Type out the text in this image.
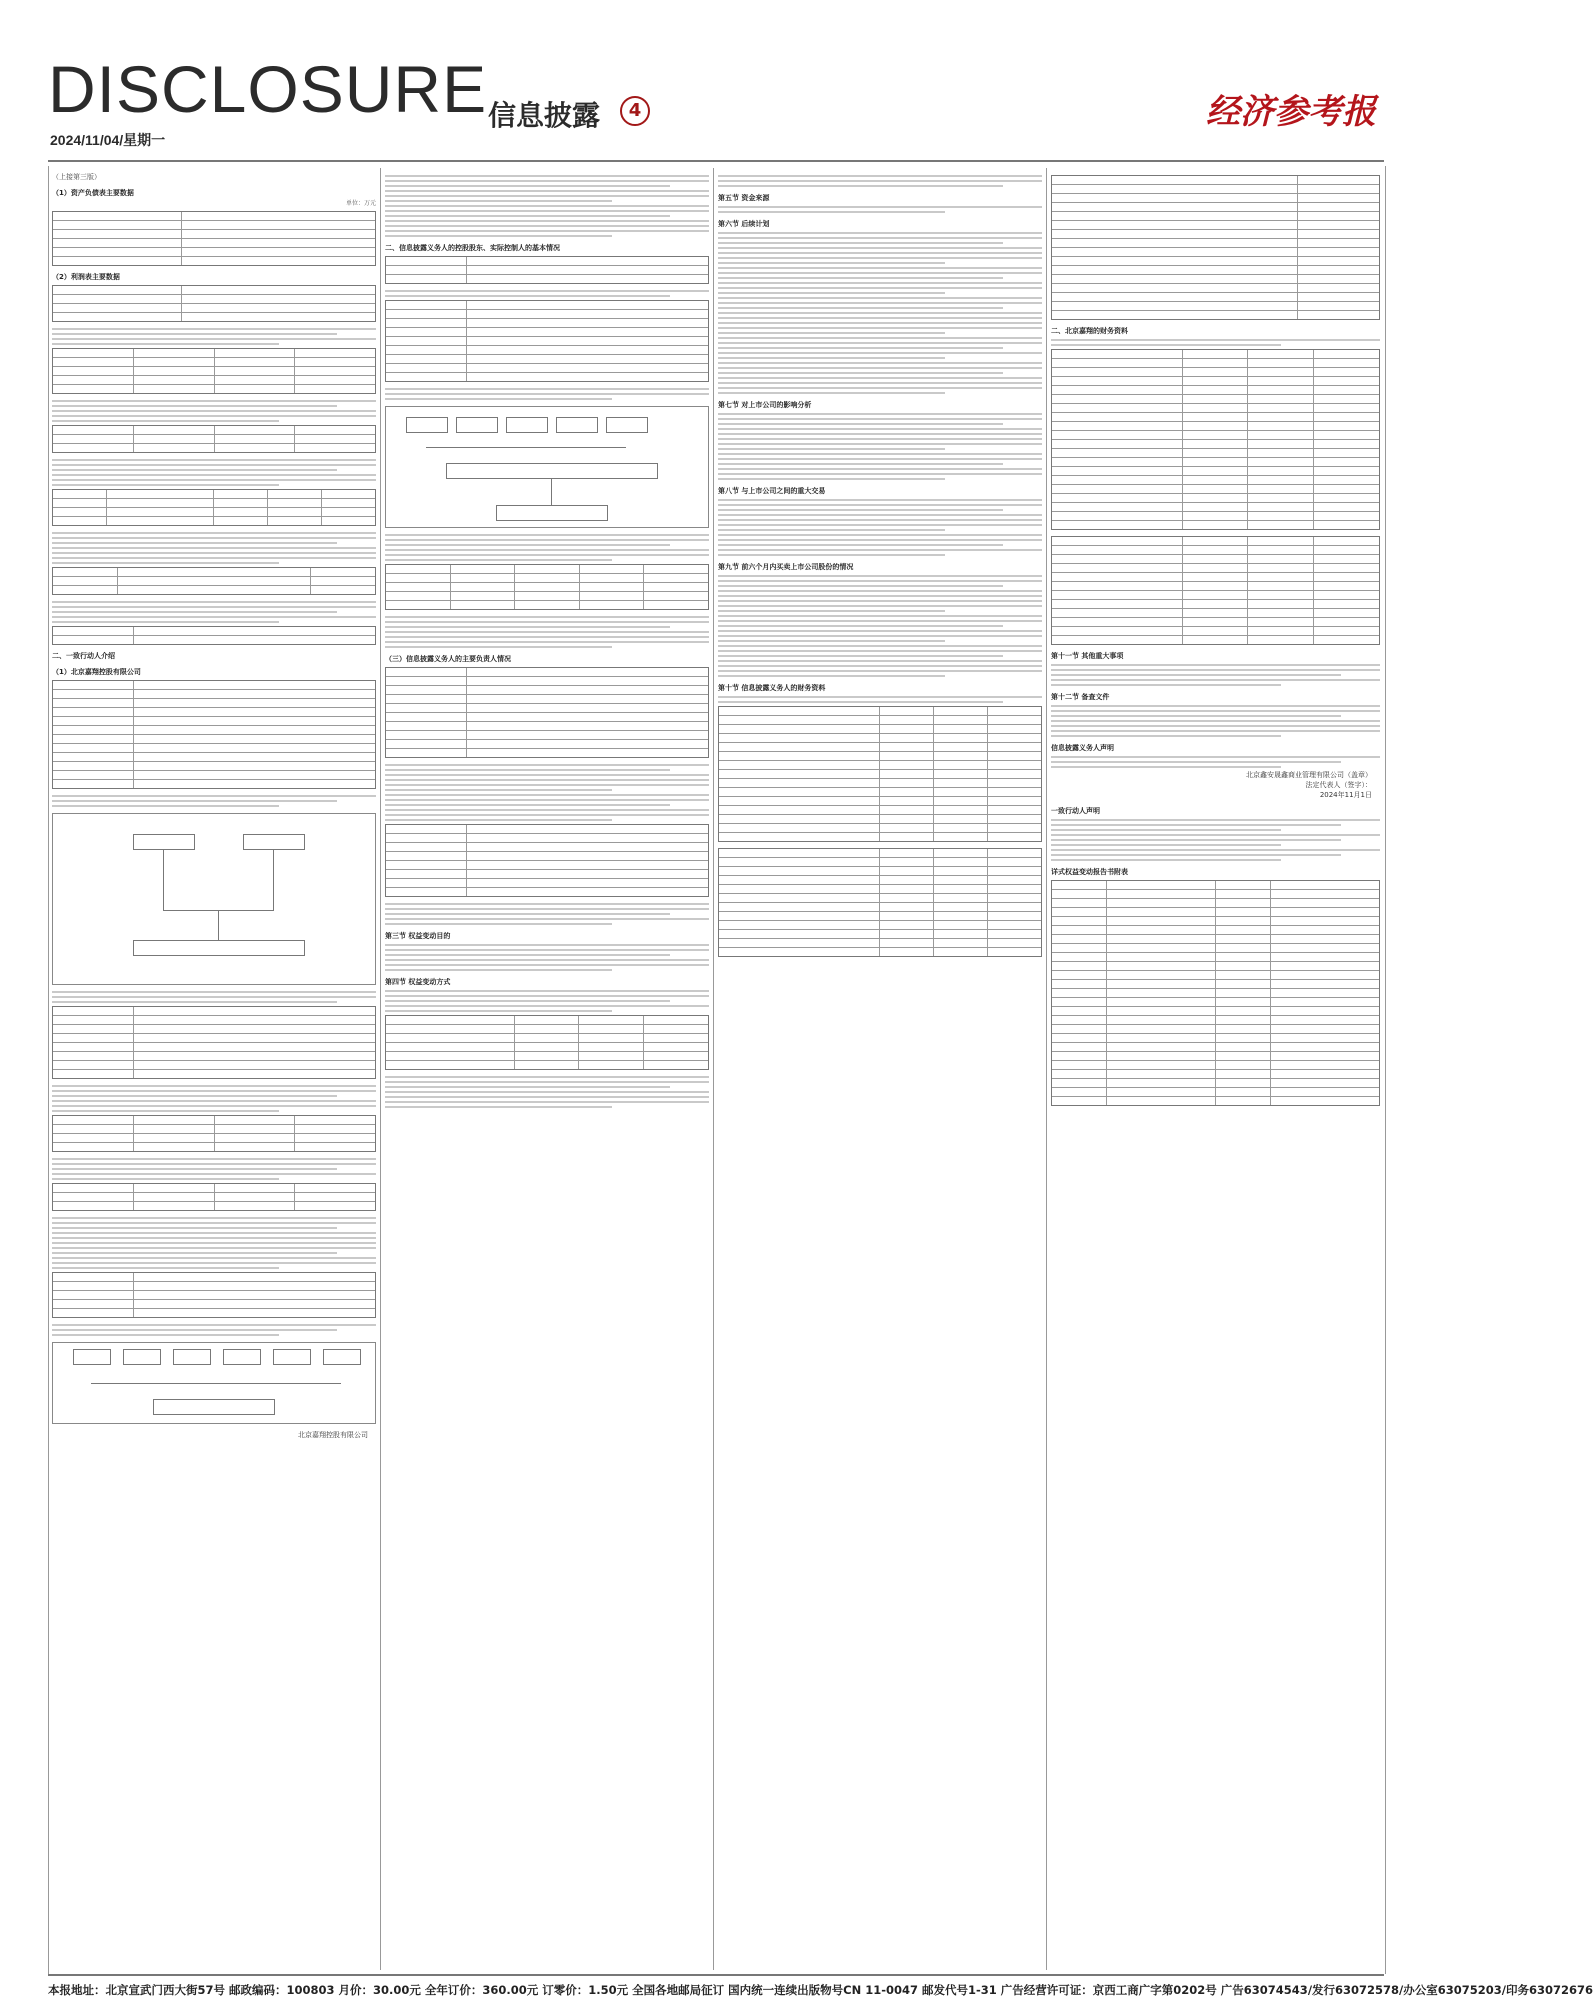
DISCLOSURE
2024/11/04/星期一
信息披露	4	经济参考报
（上接第三版）
（1）资产负债表主要数据
单位：万元
（2）利润表主要数据
二、一致行动人介绍
（1）北京嘉翔控股有限公司
北京嘉翔控股有限公司
二、信息披露义务人的控股股东、实际控制人的基本情况
（三）信息披露义务人的主要负责人情况
第三节 权益变动目的
第四节 权益变动方式
第五节 资金来源
第六节 后续计划
第七节 对上市公司的影响分析
第八节 与上市公司之间的重大交易
第九节 前六个月内买卖上市公司股份的情况
第十节 信息披露义务人的财务资料
二、北京嘉翔的财务资料
第十一节 其他重大事项
第十二节 备查文件
信息披露义务人声明
北京鑫安晟鑫商业管理有限公司（盖章）
法定代表人（签字）：
2024年11月1日
一致行动人声明
详式权益变动报告书附表
本报地址：北京宣武门西大街57号 邮政编码：100803 月价：30.00元 全年订价：360.00元 订零价：1.50元 全国各地邮局征订 国内统一连续出版物号CN 11-0047 邮发代号1-31 广告经营许可证：京西工商广字第0202号 广告63074543/发行63072578/办公室63075203/印务63072676
